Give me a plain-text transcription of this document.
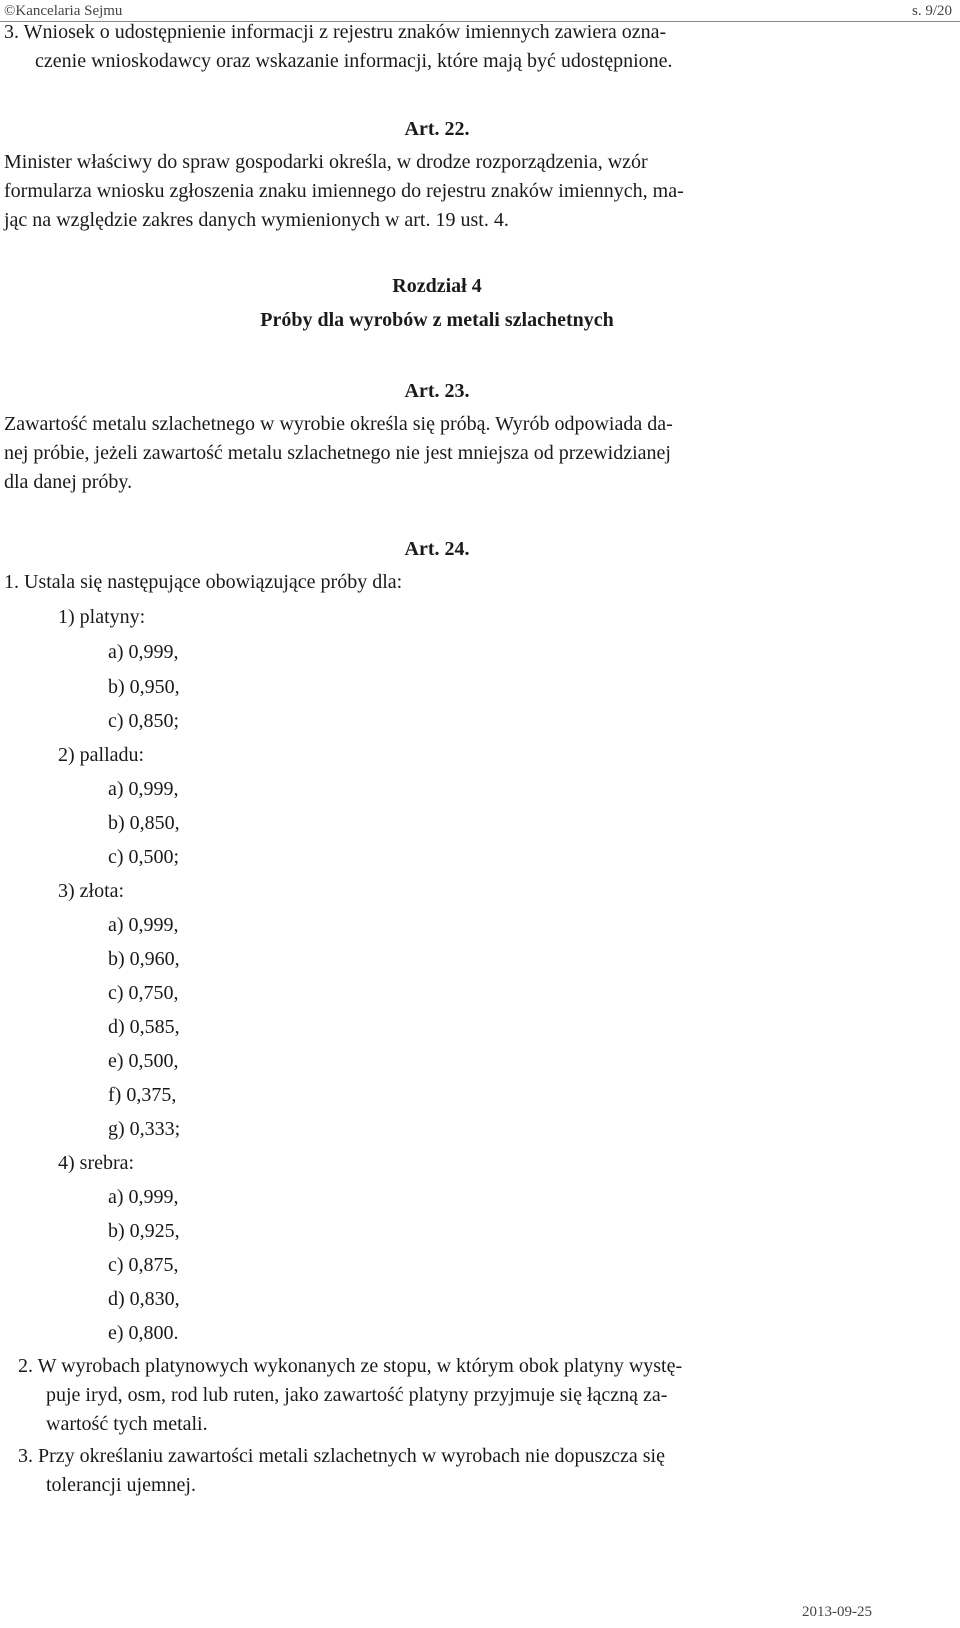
©Kancelaria Sejmu	s. 9/20
3. Wniosek o udostępnienie informacji z rejestru znaków imiennych zawiera ozna-
czenie wnioskodawcy oraz wskazanie informacji, które mają być udostępnione.
Art. 22.
Minister właściwy do spraw gospodarki określa, w drodze rozporządzenia, wzór
formularza wniosku zgłoszenia znaku imiennego do rejestru znaków imiennych, ma-
jąc na względzie zakres danych wymienionych w art. 19 ust. 4.
Rozdział 4
Próby dla wyrobów z metali szlachetnych
Art. 23.
Zawartość metalu szlachetnego w wyrobie określa się próbą. Wyrób odpowiada da-
nej próbie, jeżeli zawartość metalu szlachetnego nie jest mniejsza od przewidzianej
dla danej próby.
Art. 24.
1. Ustala się następujące obowiązujące próby dla:
1) platyny:
a) 0,999,
b) 0,950,
c) 0,850;
2) palladu:
a) 0,999,
b) 0,850,
c) 0,500;
3) złota:
a) 0,999,
b) 0,960,
c) 0,750,
d) 0,585,
e) 0,500,
f) 0,375,
g) 0,333;
4) srebra:
a) 0,999,
b) 0,925,
c) 0,875,
d) 0,830,
e) 0,800.
2. W wyrobach platynowych wykonanych ze stopu, w którym obok platyny wystę-
puje iryd, osm, rod lub ruten, jako zawartość platyny przyjmuje się łączną za-
wartość tych metali.
3. Przy określaniu zawartości metali szlachetnych w wyrobach nie dopuszcza się
tolerancji ujemnej.
2013-09-25
